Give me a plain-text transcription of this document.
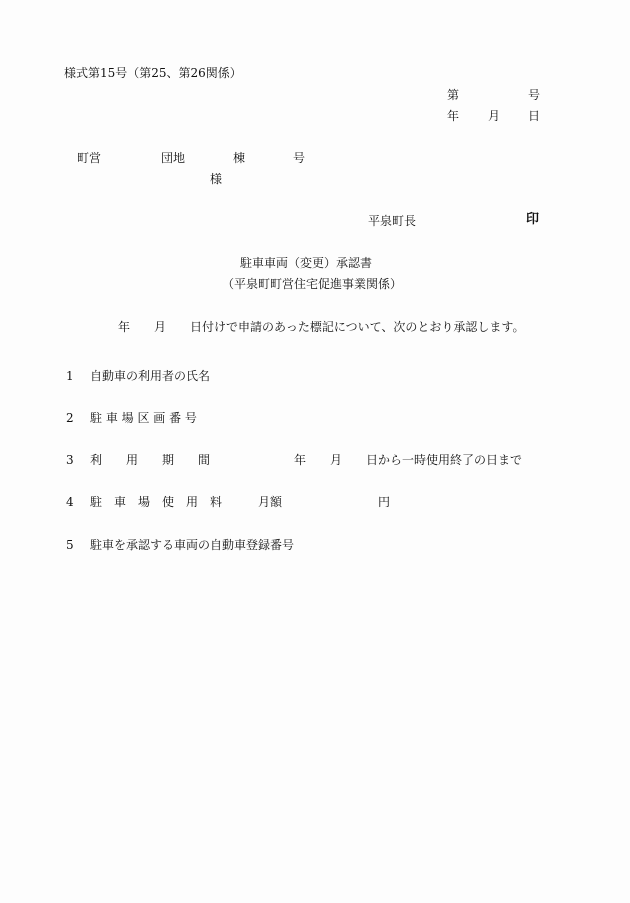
様式第15号（第25、第26関係）
第	号
年 月 日
町営　　　　　団地　　　　棟　　　　号
様
平泉町長	印
駐車車両（変更）承認書
（平泉町町営住宅促進事業関係）
年　　月　　日付けで申請のあった標記について、次のとおり承認します。
1 自動車の利用者の氏名
2 駐 車 場 区 画 番 号
3 利　　用　　期　　間　　　　　　　年　　月　　日から一時使用終了の日まで
4 駐　車　場　使　用　料　　　月額　　　　　　　　円
5 駐車を承認する車両の自動車登録番号
